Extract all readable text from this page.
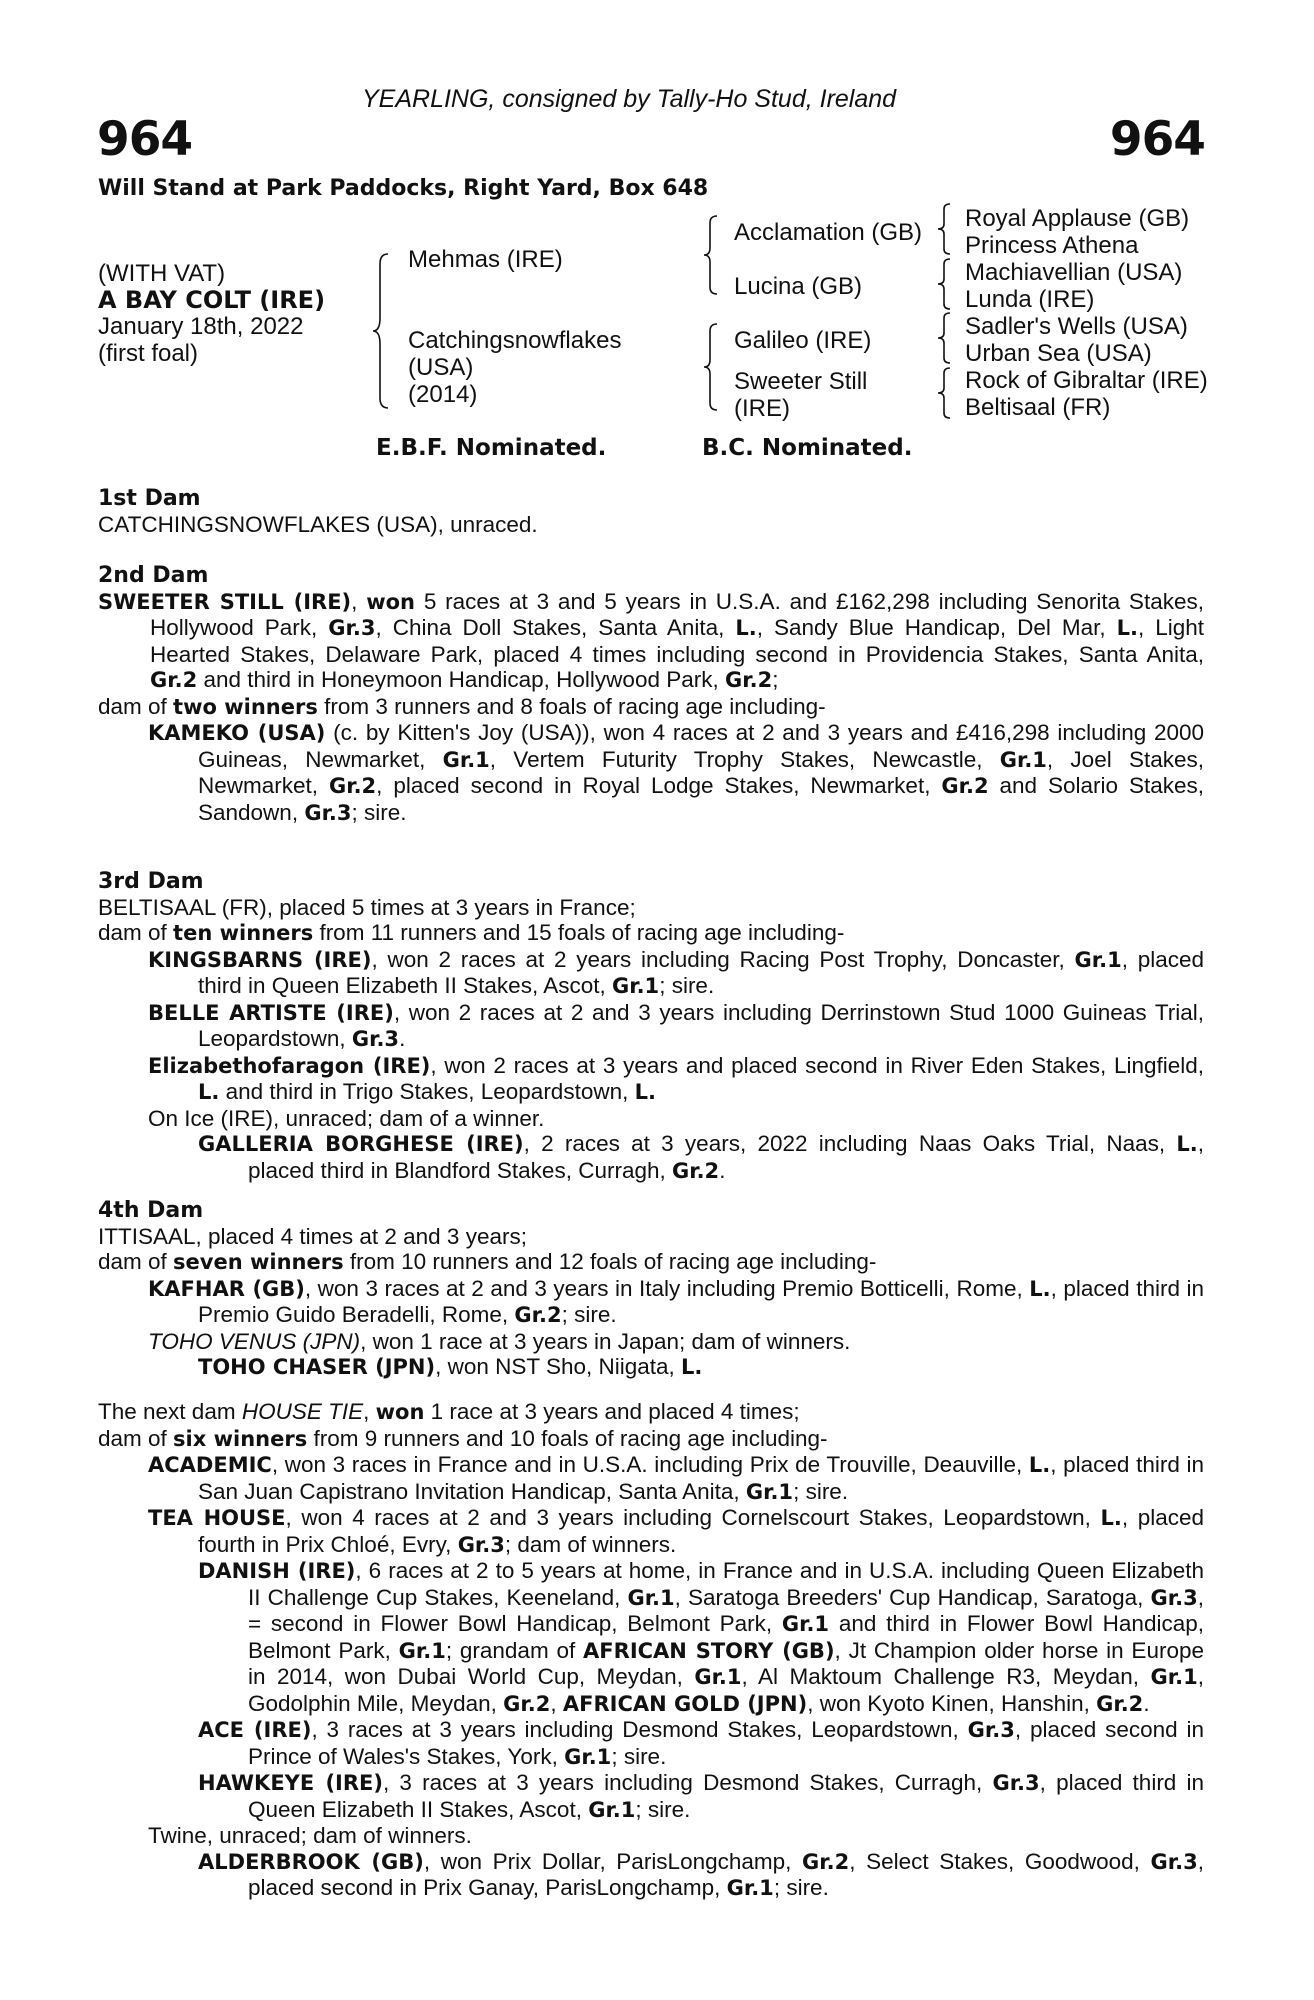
YEARLING, consigned by Tally-Ho Stud, Ireland
964	964
Will Stand at Park Paddocks, Right Yard, Box 648
(WITH VAT)
A BAY COLT (IRE)
January 18th, 2022
(first foal)
Mehmas (IRE)
Catchingsnowflakes
(USA)
(2014)
Acclamation (GB)
Lucina (GB)
Galileo (IRE)
Sweeter Still
(IRE)
Royal Applause (GB)
Princess Athena
Machiavellian (USA)
Lunda (IRE)
Sadler's Wells (USA)
Urban Sea (USA)
Rock of Gibraltar (IRE)
Beltisaal (FR)
E.B.F. Nominated.	B.C. Nominated.

1st Dam

CATCHINGSNOWFLAKES (USA), unraced.

2nd Dam

SWEETER STILL (IRE), won 5 races at 3 and 5 years in U.S.A. and £162,298 including Senorita Stakes, Hollywood Park, Gr.3, China Doll Stakes, Santa Anita, L., Sandy Blue Handicap, Del Mar, L., Light Hearted Stakes, Delaware Park, placed 4 times including second in Providencia Stakes, Santa Anita, Gr.2 and third in Honeymoon Handicap, Hollywood Park, Gr.2;

dam of two winners from 3 runners and 8 foals of racing age including-

KAMEKO (USA) (c. by Kitten's Joy (USA)), won 4 races at 2 and 3 years and £416,298 including 2000 Guineas, Newmarket, Gr.1, Vertem Futurity Trophy Stakes, Newcastle, Gr.1, Joel Stakes, Newmarket, Gr.2, placed second in Royal Lodge Stakes, Newmarket, Gr.2 and Solario Stakes, Sandown, Gr.3; sire.

3rd Dam

BELTISAAL (FR), placed 5 times at 3 years in France;

dam of ten winners from 11 runners and 15 foals of racing age including-

KINGSBARNS (IRE), won 2 races at 2 years including Racing Post Trophy, Doncaster, Gr.1, placed third in Queen Elizabeth II Stakes, Ascot, Gr.1; sire.

BELLE ARTISTE (IRE), won 2 races at 2 and 3 years including Derrinstown Stud 1000 Guineas Trial, Leopardstown, Gr.3.

Elizabethofaragon (IRE), won 2 races at 3 years and placed second in River Eden Stakes, Lingfield, L. and third in Trigo Stakes, Leopardstown, L.

On Ice (IRE), unraced; dam of a winner.

GALLERIA BORGHESE (IRE), 2 races at 3 years, 2022 including Naas Oaks Trial, Naas, L., placed third in Blandford Stakes, Curragh, Gr.2.

4th Dam

ITTISAAL, placed 4 times at 2 and 3 years;

dam of seven winners from 10 runners and 12 foals of racing age including-

KAFHAR (GB), won 3 races at 2 and 3 years in Italy including Premio Botticelli, Rome, L., placed third in Premio Guido Beradelli, Rome, Gr.2; sire.

TOHO VENUS (JPN), won 1 race at 3 years in Japan; dam of winners.

TOHO CHASER (JPN), won NST Sho, Niigata, L.

The next dam HOUSE TIE, won 1 race at 3 years and placed 4 times;

dam of six winners from 9 runners and 10 foals of racing age including-

ACADEMIC, won 3 races in France and in U.S.A. including Prix de Trouville, Deauville, L., placed third in San Juan Capistrano Invitation Handicap, Santa Anita, Gr.1; sire.

TEA HOUSE, won 4 races at 2 and 3 years including Cornelscourt Stakes, Leopardstown, L., placed fourth in Prix Chloé, Evry, Gr.3; dam of winners.

DANISH (IRE), 6 races at 2 to 5 years at home, in France and in U.S.A. including Queen Elizabeth II Challenge Cup Stakes, Keeneland, Gr.1, Saratoga Breeders' Cup Handicap, Saratoga, Gr.3, = second in Flower Bowl Handicap, Belmont Park, Gr.1 and third in Flower Bowl Handicap, Belmont Park, Gr.1; grandam of AFRICAN STORY (GB), Jt Champion older horse in Europe in 2014, won Dubai World Cup, Meydan, Gr.1, Al Maktoum Challenge R3, Meydan, Gr.1, Godolphin Mile, Meydan, Gr.2, AFRICAN GOLD (JPN), won Kyoto Kinen, Hanshin, Gr.2.

ACE (IRE), 3 races at 3 years including Desmond Stakes, Leopardstown, Gr.3, placed second in Prince of Wales's Stakes, York, Gr.1; sire.

HAWKEYE (IRE), 3 races at 3 years including Desmond Stakes, Curragh, Gr.3, placed third in Queen Elizabeth II Stakes, Ascot, Gr.1; sire.

Twine, unraced; dam of winners.

ALDERBROOK (GB), won Prix Dollar, ParisLongchamp, Gr.2, Select Stakes, Goodwood, Gr.3, placed second in Prix Ganay, ParisLongchamp, Gr.1; sire.
